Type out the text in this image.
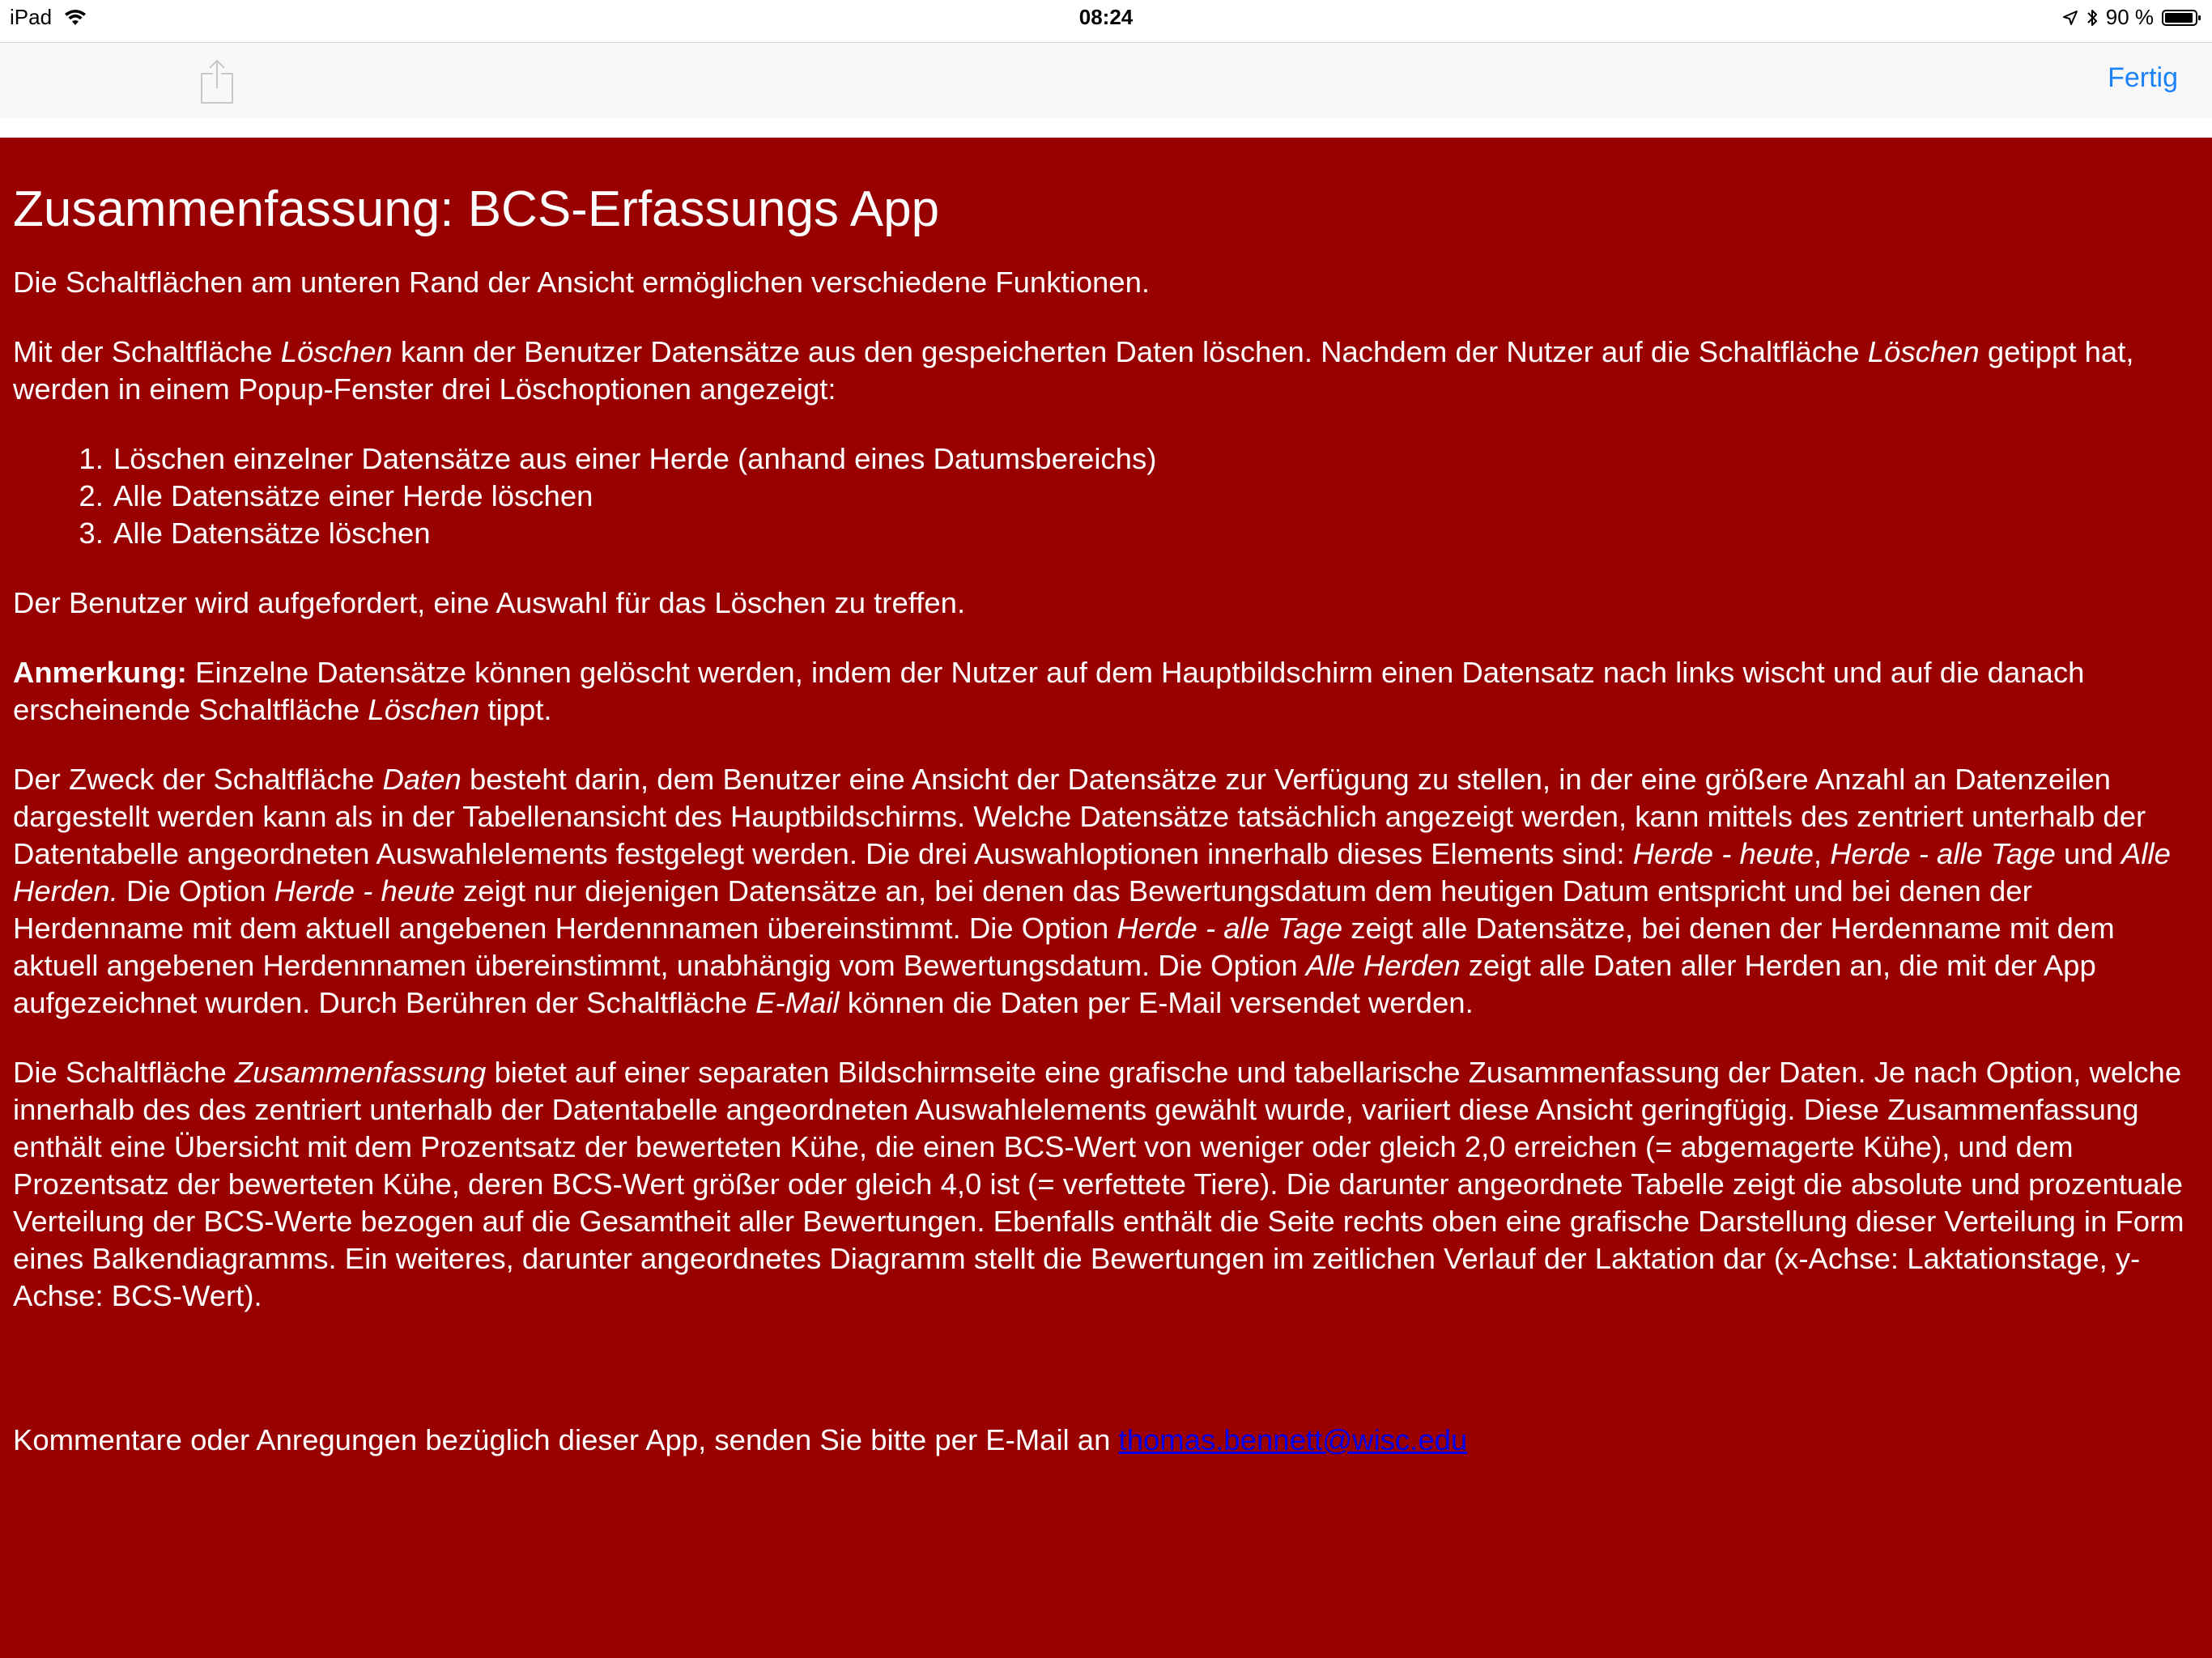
iPad	08:24	90 %
Fertig
Zusammenfassung: BCS-Erfassungs App

Die Schaltflächen am unteren Rand der Ansicht ermöglichen verschiedene Funktionen.

Mit der Schaltfläche Löschen kann der Benutzer Datensätze aus den gespeicherten Daten löschen. Nachdem der Nutzer auf die Schaltfläche Löschen getippt hat, werden in einem Popup-Fenster drei Löschoptionen angezeigt:

1. Löschen einzelner Datensätze aus einer Herde (anhand eines Datumsbereichs)
2. Alle Datensätze einer Herde löschen
3. Alle Datensätze löschen

Der Benutzer wird aufgefordert, eine Auswahl für das Löschen zu treffen.

Anmerkung: Einzelne Datensätze können gelöscht werden, indem der Nutzer auf dem Hauptbildschirm einen Datensatz nach links wischt und auf die danach erscheinende Schaltfläche Löschen tippt.

Der Zweck der Schaltfläche Daten besteht darin, dem Benutzer eine Ansicht der Datensätze zur Verfügung zu stellen, in der eine größere Anzahl an Datenzeilen dargestellt werden kann als in der Tabellenansicht des Hauptbildschirms. Welche Datensätze tatsächlich angezeigt werden, kann mittels des zentriert unterhalb der Datentabelle angeordneten Auswahlelements festgelegt werden. Die drei Auswahloptionen innerhalb dieses Elements sind: Herde - heute, Herde - alle Tage und Alle Herden. Die Option Herde - heute zeigt nur diejenigen Datensätze an, bei denen das Bewertungsdatum dem heutigen Datum entspricht und bei denen der Herdenname mit dem aktuell angebenen Herdennnamen übereinstimmt. Die Option Herde - alle Tage zeigt alle Datensätze, bei denen der Herdenname mit dem aktuell angebenen Herdennnamen übereinstimmt, unabhängig vom Bewertungsdatum. Die Option Alle Herden zeigt alle Daten aller Herden an, die mit der App aufgezeichnet wurden. Durch Berühren der Schaltfläche E-Mail können die Daten per E-Mail versendet werden.

Die Schaltfläche Zusammenfassung bietet auf einer separaten Bildschirmseite eine grafische und tabellarische Zusammenfassung der Daten. Je nach Option, welche innerhalb des des zentriert unterhalb der Datentabelle angeordneten Auswahlelements gewählt wurde, variiert diese Ansicht geringfügig. Diese Zusammenfassung enthält eine Übersicht mit dem Prozentsatz der bewerteten Kühe, die einen BCS-Wert von weniger oder gleich 2,0 erreichen (= abgemagerte Kühe), und dem Prozentsatz der bewerteten Kühe, deren BCS-Wert größer oder gleich 4,0 ist (= verfettete Tiere). Die darunter angeordnete Tabelle zeigt die absolute und prozentuale Verteilung der BCS-Werte bezogen auf die Gesamtheit aller Bewertungen. Ebenfalls enthält die Seite rechts oben eine grafische Darstellung dieser Verteilung in Form eines Balkendiagramms. Ein weiteres, darunter angeordnetes Diagramm stellt die Bewertungen im zeitlichen Verlauf der Laktation dar (x-Achse: Laktationstage, y-Achse: BCS-Wert).

Kommentare oder Anregungen bezüglich dieser App, senden Sie bitte per E-Mail an thomas.bennett@wisc.edu
